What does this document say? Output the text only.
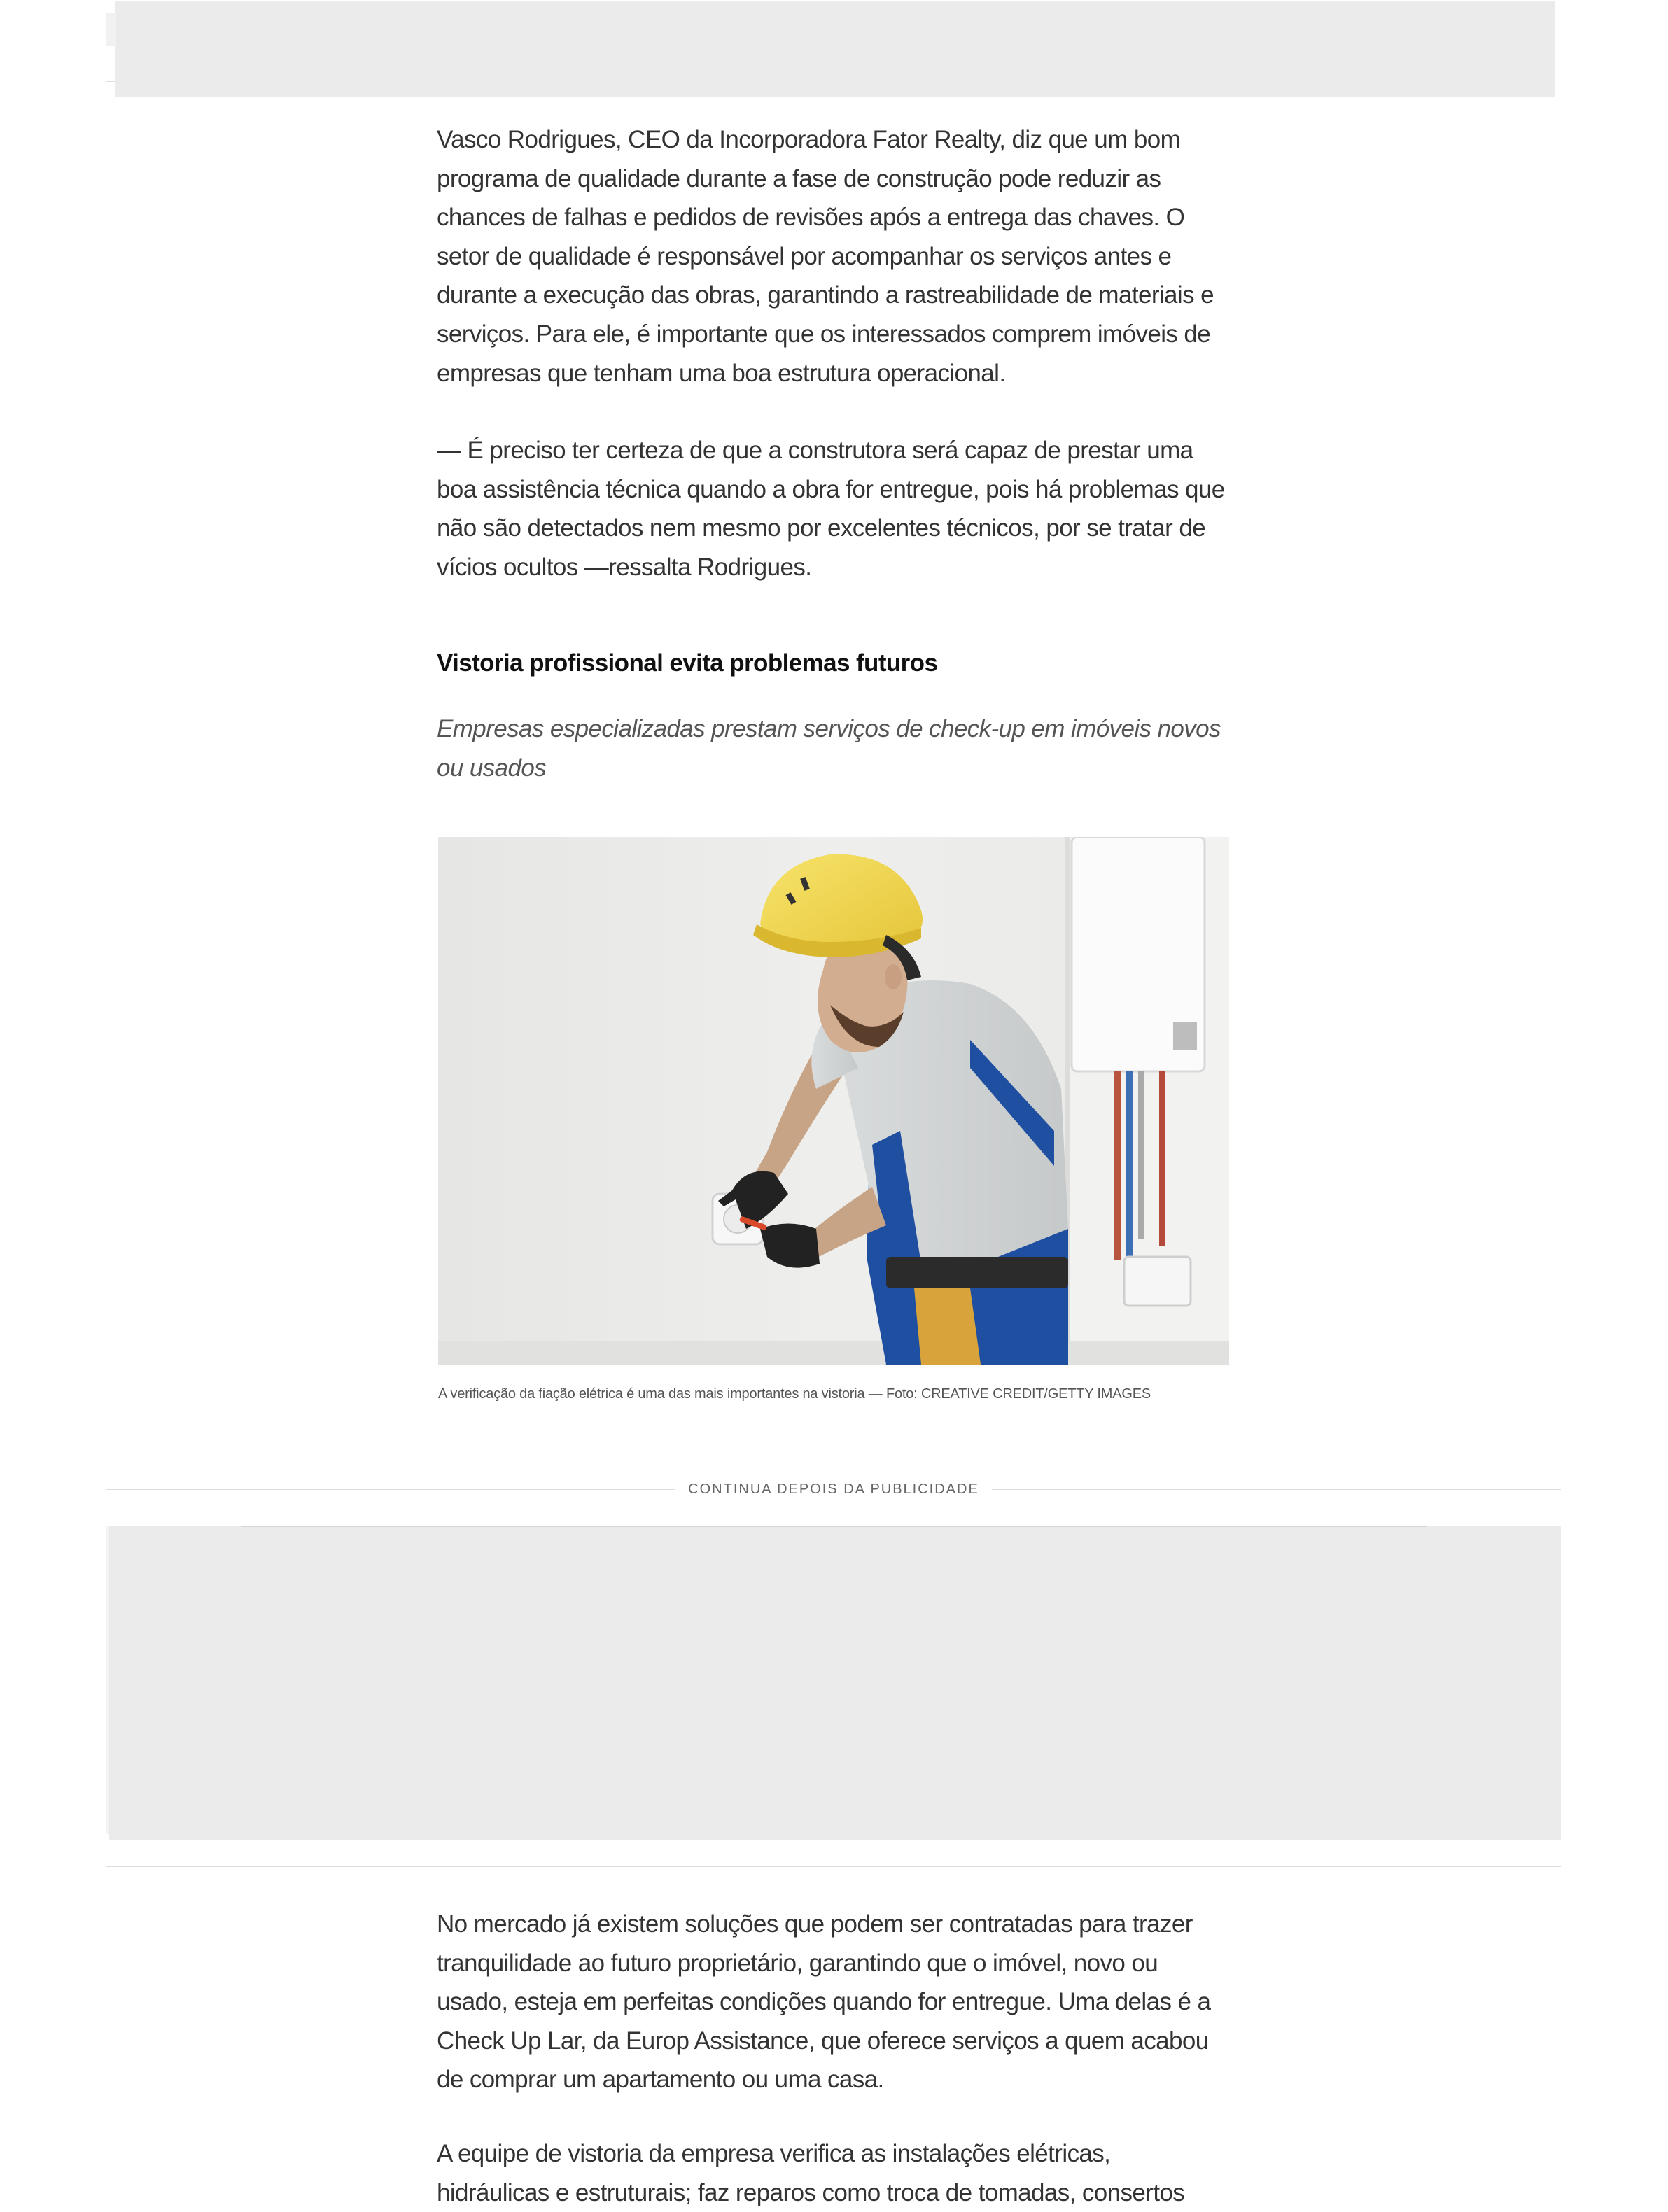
Vasco Rodrigues, CEO da Incorporadora Fator Realty, diz que um bom programa de qualidade durante a fase de construção pode reduzir as chances de falhas e pedidos de revisões após a entrega das chaves. O setor de qualidade é responsável por acompanhar os serviços antes e durante a execução das obras, garantindo a rastreabilidade de materiais e serviços. Para ele, é importante que os interessados comprem imóveis de empresas que tenham uma boa estrutura operacional.

— É preciso ter certeza de que a construtora será capaz de prestar uma boa assistência técnica quando a obra for entregue, pois há problemas que não são detectados nem mesmo por excelentes técnicos, por se tratar de vícios ocultos —ressalta Rodrigues.

Vistoria profissional evita problemas futuros

Empresas especializadas prestam serviços de check-up em imóveis novos ou usados

A verificação da fiação elétrica é uma das mais importantes na vistoria — Foto: CREATIVE CREDIT/GETTY IMAGES

CONTINUA DEPOIS DA PUBLICIDADE

No mercado já existem soluções que podem ser contratadas para trazer tranquilidade ao futuro proprietário, garantindo que o imóvel, novo ou usado, esteja em perfeitas condições quando for entregue. Uma delas é a Check Up Lar, da Europ Assistance, que oferece serviços a quem acabou de comprar um apartamento ou uma casa.

A equipe de vistoria da empresa verifica as instalações elétricas, hidráulicas e estruturais; faz reparos como troca de tomadas, consertos
